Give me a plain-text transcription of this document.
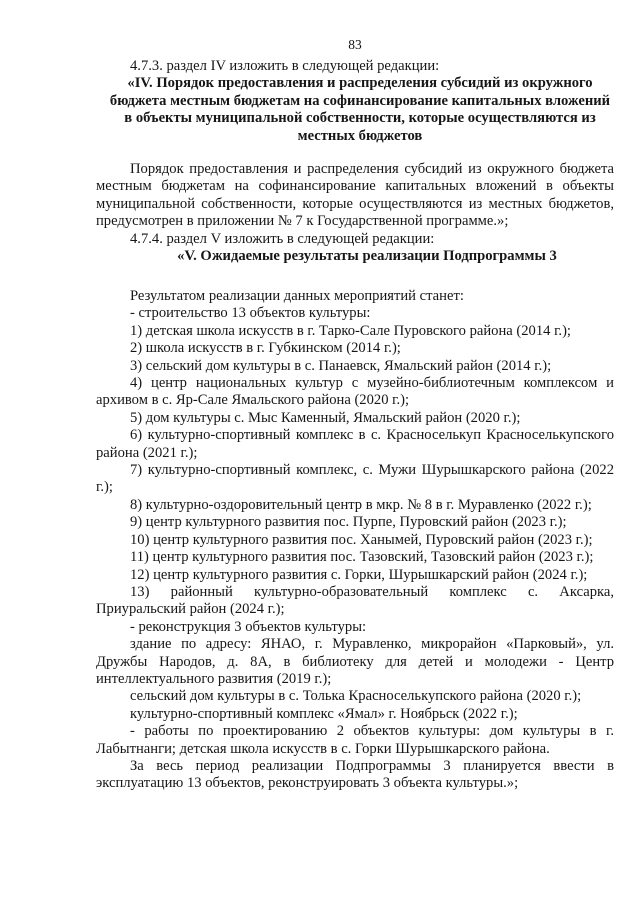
83

4.7.3. раздел IV изложить в следующей редакции:

«IV. Порядок предоставления и распределения субсидий из окружного бюджета местным бюджетам на софинансирование капитальных вложений в объекты муниципальной собственности, которые осуществляются из местных бюджетов

Порядок предоставления и распределения субсидий из окружного бюджета местным бюджетам на софинансирование капитальных вложений в объекты муниципальной собственности, которые осуществляются из местных бюджетов, предусмотрен в приложении № 7 к Государственной программе.»;

4.7.4. раздел V изложить в следующей редакции:

«V. Ожидаемые результаты реализации Подпрограммы 3

Результатом реализации данных мероприятий станет:

- строительство 13 объектов культуры:

1) детская школа искусств в г. Тарко-Сале Пуровского района (2014 г.);

2) школа искусств в г. Губкинском (2014 г.);

3) сельский дом культуры в с. Панаевск, Ямальский район (2014 г.);

4) центр национальных культур с музейно-библиотечным комплексом и архивом в с. Яр-Сале Ямальского района (2020 г.);

5) дом культуры с. Мыс Каменный, Ямальский район (2020 г.);

6) культурно-спортивный комплекс в с. Красноселькуп Красноселькупского района (2021 г.);

7) культурно-спортивный комплекс, с. Мужи Шурышкарского района (2022 г.);

8) культурно-оздоровительный центр в мкр. № 8 в г. Муравленко (2022 г.);

9) центр культурного развития пос. Пурпе, Пуровский район (2023 г.);

10) центр культурного развития пос. Ханымей, Пуровский район (2023 г.);

11) центр культурного развития пос. Тазовский, Тазовский район (2023 г.);

12) центр культурного развития с. Горки, Шурышкарский район (2024 г.);

13) районный культурно-образовательный комплекс с. Аксарка, Приуральский район (2024 г.);

- реконструкция 3 объектов культуры:

здание по адресу: ЯНАО, г. Муравленко, микрорайон «Парковый», ул. Дружбы Народов, д. 8А, в библиотеку для детей и молодежи - Центр интеллектуального развития (2019 г.);

сельский дом культуры в с. Толька Красноселькупского района (2020 г.);

культурно-спортивный комплекс «Ямал» г. Ноябрьск (2022 г.);

- работы по проектированию 2 объектов культуры: дом культуры в г. Лабытнанги; детская школа искусств в с. Горки Шурышкарского района.

За весь период реализации Подпрограммы 3 планируется ввести в эксплуатацию 13 объектов, реконструировать 3 объекта культуры.»;
